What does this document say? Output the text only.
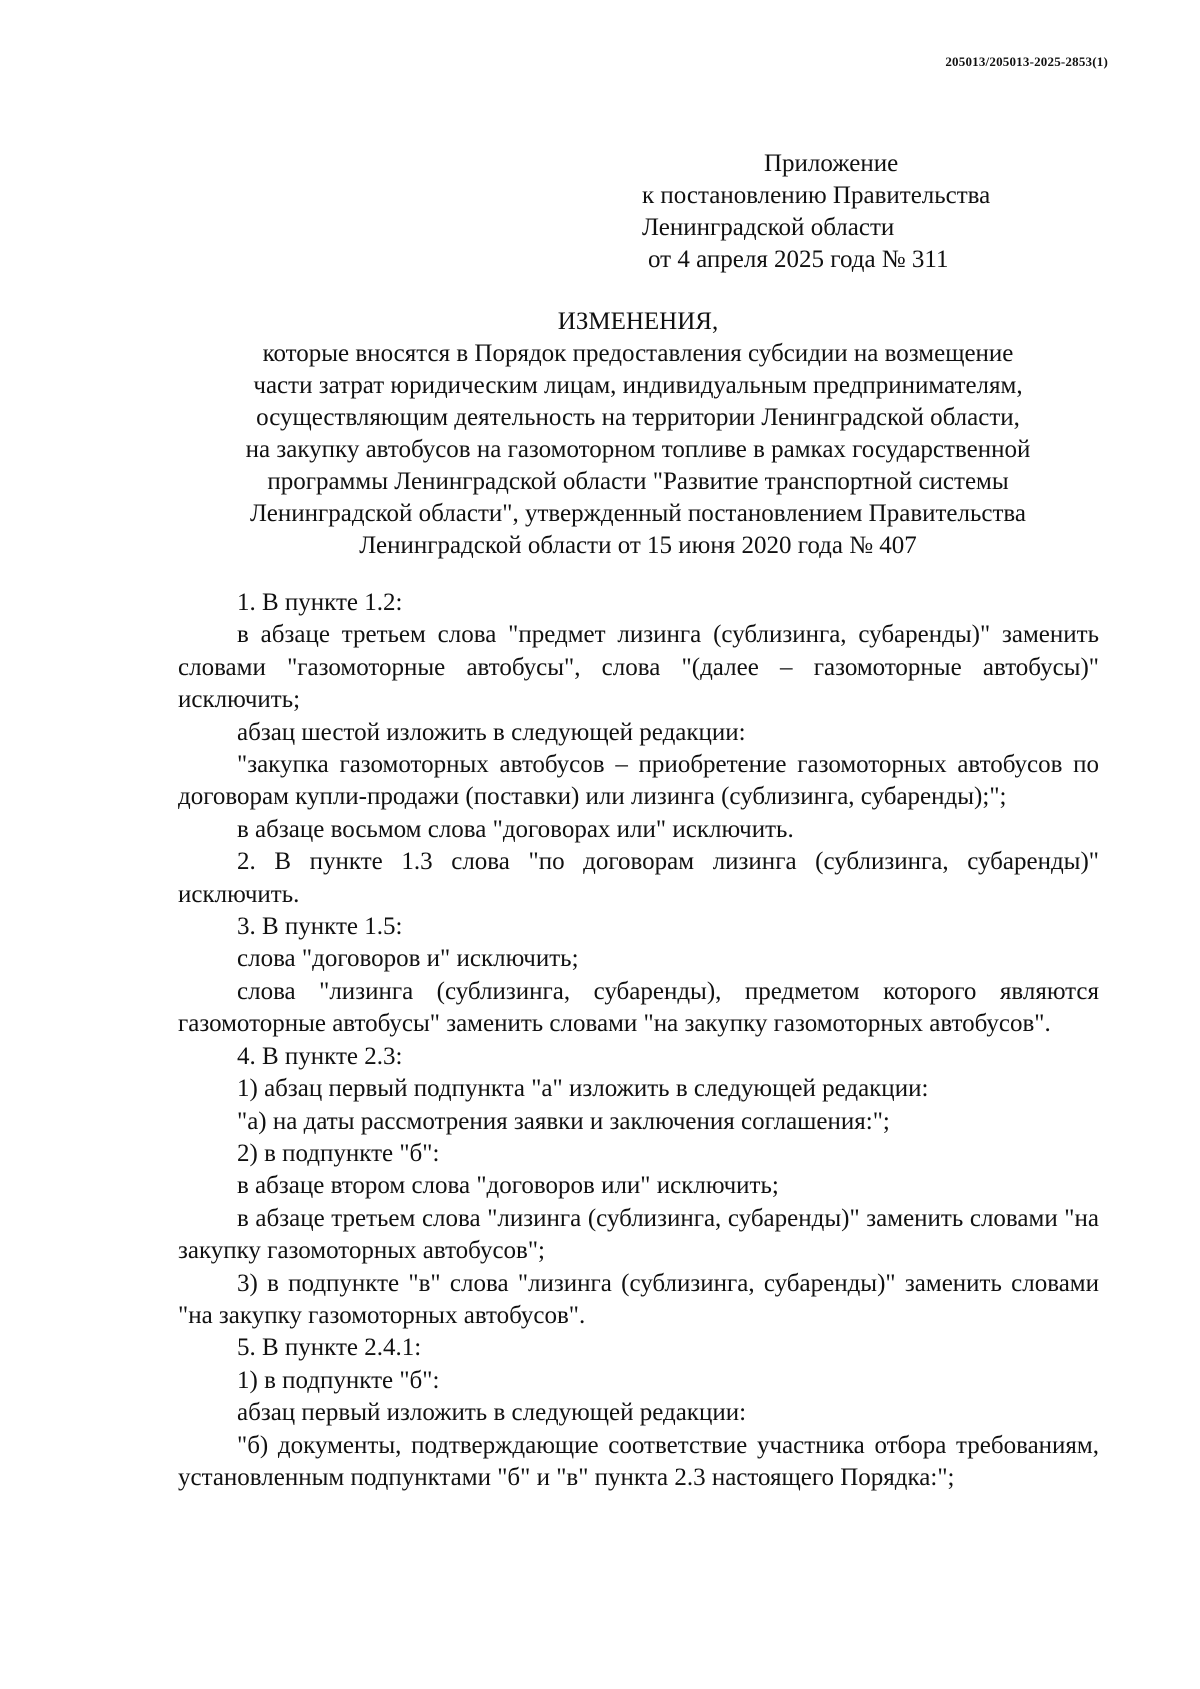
205013/205013-2025-2853(1)
Приложение
к постановлению Правительства
Ленинградской области
от 4 апреля 2025 года № 311
ИЗМЕНЕНИЯ,
которые вносятся в Порядок предоставления субсидии на возмещение
части затрат юридическим лицам, индивидуальным предпринимателям,
осуществляющим деятельность на территории Ленинградской области,
на закупку автобусов на газомоторном топливе в рамках государственной
программы Ленинградской области "Развитие транспортной системы
Ленинградской области", утвержденный постановлением Правительства
Ленинградской области от 15 июня 2020 года № 407

1. В пункте 1.2:

в абзаце третьем слова "предмет лизинга (сублизинга, субаренды)" заменить словами "газомоторные автобусы", слова "(далее – газомоторные автобусы)" исключить;

абзац шестой изложить в следующей редакции:

"закупка газомоторных автобусов – приобретение газомоторных автобусов по договорам купли-продажи (поставки) или лизинга (сублизинга, субаренды);";

в абзаце восьмом слова "договорах или" исключить.

2. В пункте 1.3 слова "по договорам лизинга (сублизинга, субаренды)" исключить.

3. В пункте 1.5:

слова "договоров и" исключить;

слова "лизинга (сублизинга, субаренды), предметом которого являются газомоторные автобусы" заменить словами "на закупку газомоторных автобусов".

4. В пункте 2.3:

1) абзац первый подпункта "а" изложить в следующей редакции:

"а) на даты рассмотрения заявки и заключения соглашения:";

2) в подпункте "б":

в абзаце втором слова "договоров или" исключить;

в абзаце третьем слова "лизинга (сублизинга, субаренды)" заменить словами "на закупку газомоторных автобусов";

3) в подпункте "в" слова "лизинга (сублизинга, субаренды)" заменить словами "на закупку газомоторных автобусов".

5. В пункте 2.4.1:

1) в подпункте "б":

абзац первый изложить в следующей редакции:

"б) документы, подтверждающие соответствие участника отбора требованиям, установленным подпунктами "б" и "в" пункта 2.3 настоящего Порядка:";
